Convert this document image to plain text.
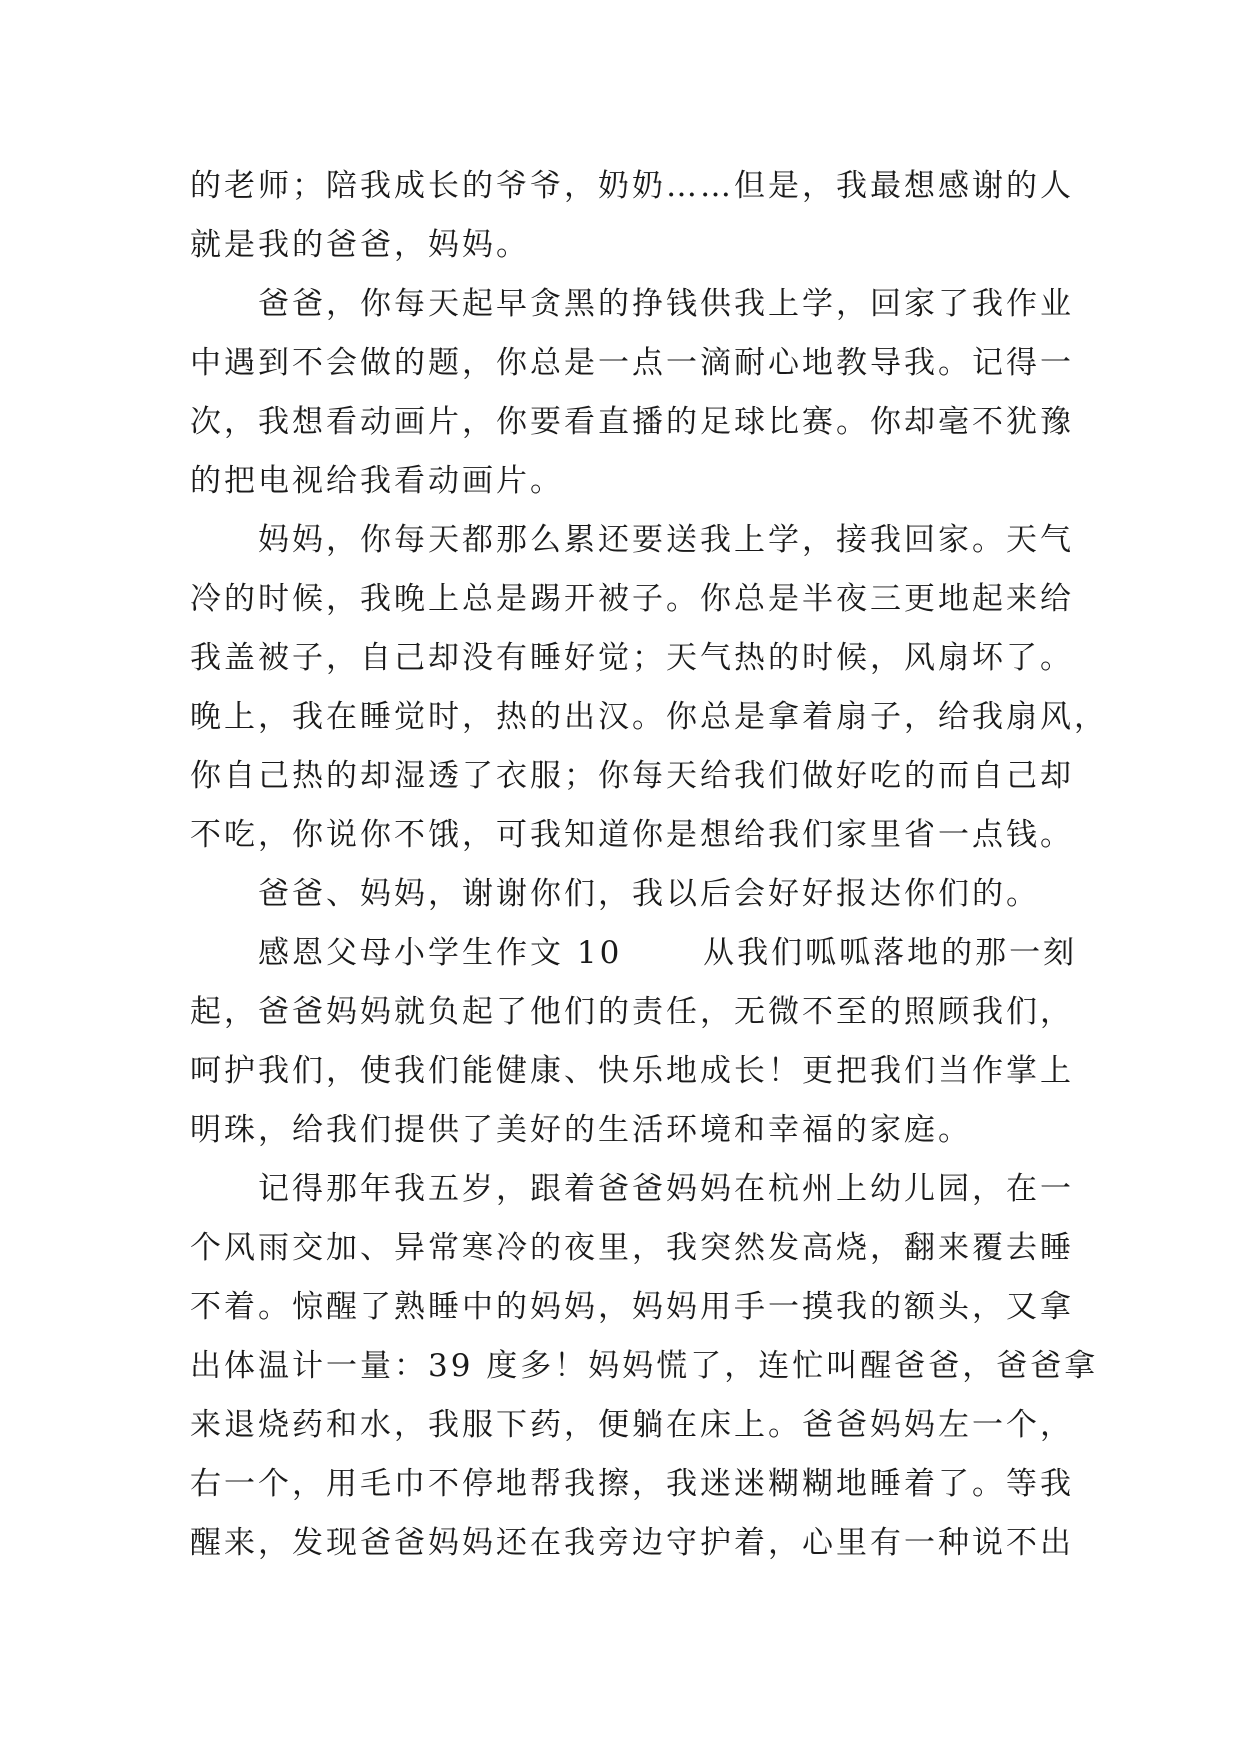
的老师；陪我成长的爷爷，奶奶……但是，我最想感谢的人

就是我的爸爸，妈妈。

爸爸，你每天起早贪黑的挣钱供我上学，回家了我作业

中遇到不会做的题，你总是一点一滴耐心地教导我。记得一

次，我想看动画片，你要看直播的足球比赛。你却毫不犹豫

的把电视给我看动画片。

妈妈，你每天都那么累还要送我上学，接我回家。天气

冷的时候，我晚上总是踢开被子。你总是半夜三更地起来给

我盖被子，自己却没有睡好觉；天气热的时候，风扇坏了。

晚上，我在睡觉时，热的出汉。你总是拿着扇子，给我扇风，

你自己热的却湿透了衣服；你每天给我们做好吃的而自己却

不吃，你说你不饿，可我知道你是想给我们家里省一点钱。

爸爸、妈妈，谢谢你们，我以后会好好报达你们的。

感恩父母小学生作文 10　　 从我们呱呱落地的那一刻

起，爸爸妈妈就负起了他们的责任，无微不至的照顾我们，

呵护我们，使我们能健康、快乐地成长！更把我们当作掌上

明珠，给我们提供了美好的生活环境和幸福的家庭。

记得那年我五岁，跟着爸爸妈妈在杭州上幼儿园，在一

个风雨交加、异常寒冷的夜里，我突然发高烧，翻来覆去睡

不着。惊醒了熟睡中的妈妈，妈妈用手一摸我的额头，又拿

出体温计一量：39 度多！妈妈慌了，连忙叫醒爸爸，爸爸拿

来退烧药和水，我服下药，便躺在床上。爸爸妈妈左一个，

右一个，用毛巾不停地帮我擦，我迷迷糊糊地睡着了。等我

醒来，发现爸爸妈妈还在我旁边守护着，心里有一种说不出
